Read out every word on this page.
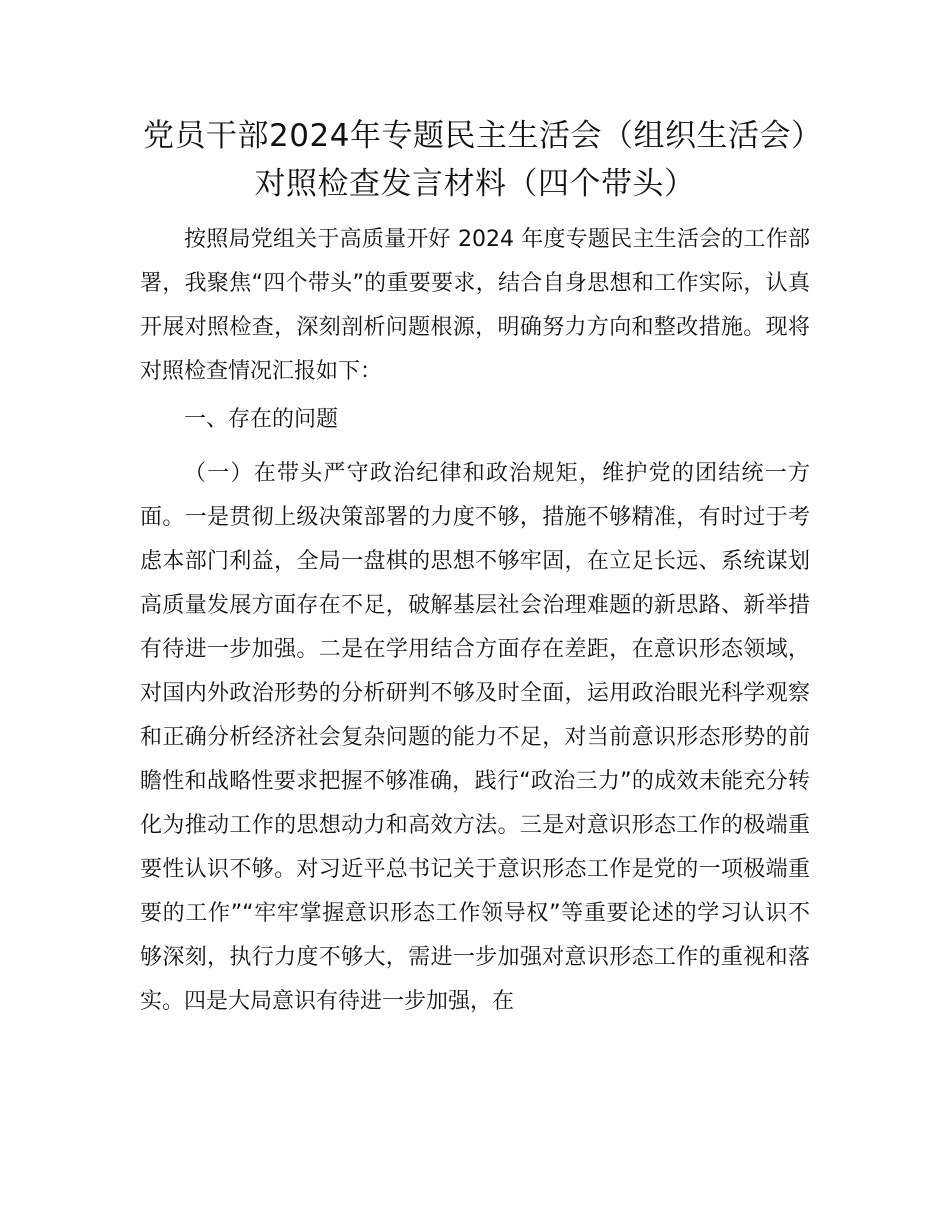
党员干部2024年专题民主生活会（组织生活会）对照检查发言材料（四个带头）

按照局党组关于高质量开好 2024 年度专题民主生活会的工作部署，我聚焦“四个带头”的重要要求，结合自身思想和工作实际，认真开展对照检查，深刻剖析问题根源，明确努力方向和整改措施。现将对照检查情况汇报如下：

一、存在的问题

（一）在带头严守政治纪律和政治规矩，维护党的团结统一方面。一是贯彻上级决策部署的力度不够，措施不够精准，有时过于考虑本部门利益，全局一盘棋的思想不够牢固，在立足长远、系统谋划高质量发展方面存在不足，破解基层社会治理难题的新思路、新举措有待进一步加强。二是在学用结合方面存在差距，在意识形态领域，对国内外政治形势的分析研判不够及时全面，运用政治眼光科学观察和正确分析经济社会复杂问题的能力不足，对当前意识形态形势的前瞻性和战略性要求把握不够准确，践行“政治三力”的成效未能充分转化为推动工作的思想动力和高效方法。三是对意识形态工作的极端重要性认识不够。对习近平总书记关于意识形态工作是党的一项极端重要的工作”“牢牢掌握意识形态工作领导权”等重要论述的学习认识不够深刻，执行力度不够大，需进一步加强对意识形态工作的重视和落实。四是大局意识有待进一步加强，在
